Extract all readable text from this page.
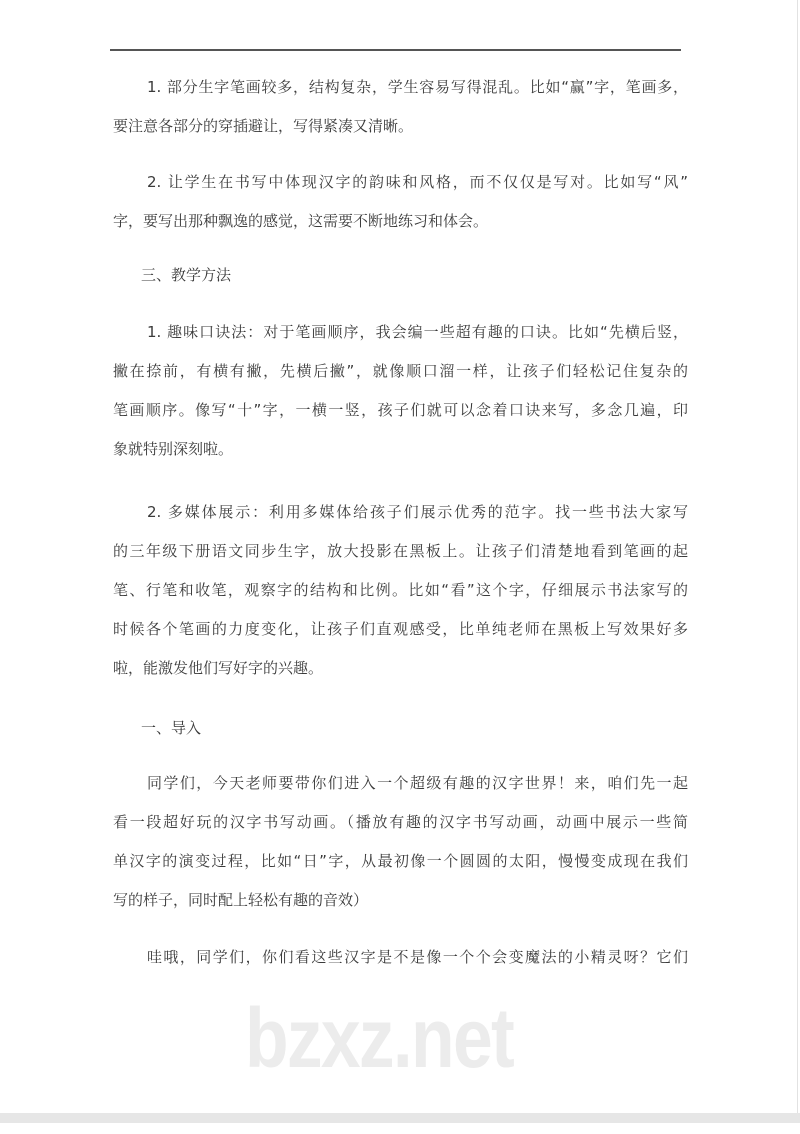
1. 部分生字笔画较多，结构复杂，学生容易写得混乱。比如“赢”字，笔画多，
要注意各部分的穿插避让，写得紧凑又清晰。
2. 让学生在书写中体现汉字的韵味和风格，而不仅仅是写对。比如写“风”
字，要写出那种飘逸的感觉，这需要不断地练习和体会。
三、教学方法
1. 趣味口诀法：对于笔画顺序，我会编一些超有趣的口诀。比如“先横后竖，
撇在捺前，有横有撇，先横后撇”，就像顺口溜一样，让孩子们轻松记住复杂的
笔画顺序。像写“十”字，一横一竖，孩子们就可以念着口诀来写，多念几遍，印
象就特别深刻啦。
2. 多媒体展示：利用多媒体给孩子们展示优秀的范字。找一些书法大家写
的三年级下册语文同步生字，放大投影在黑板上。让孩子们清楚地看到笔画的起
笔、行笔和收笔，观察字的结构和比例。比如“看”这个字，仔细展示书法家写的
时候各个笔画的力度变化，让孩子们直观感受，比单纯老师在黑板上写效果好多
啦，能激发他们写好字的兴趣。
一、导入
同学们，今天老师要带你们进入一个超级有趣的汉字世界！来，咱们先一起
看一段超好玩的汉字书写动画。（播放有趣的汉字书写动画，动画中展示一些简
单汉字的演变过程，比如“日”字，从最初像一个圆圆的太阳，慢慢变成现在我们
写的样子，同时配上轻松有趣的音效）
哇哦，同学们，你们看这些汉字是不是像一个个会变魔法的小精灵呀？它们
bzxz.net
